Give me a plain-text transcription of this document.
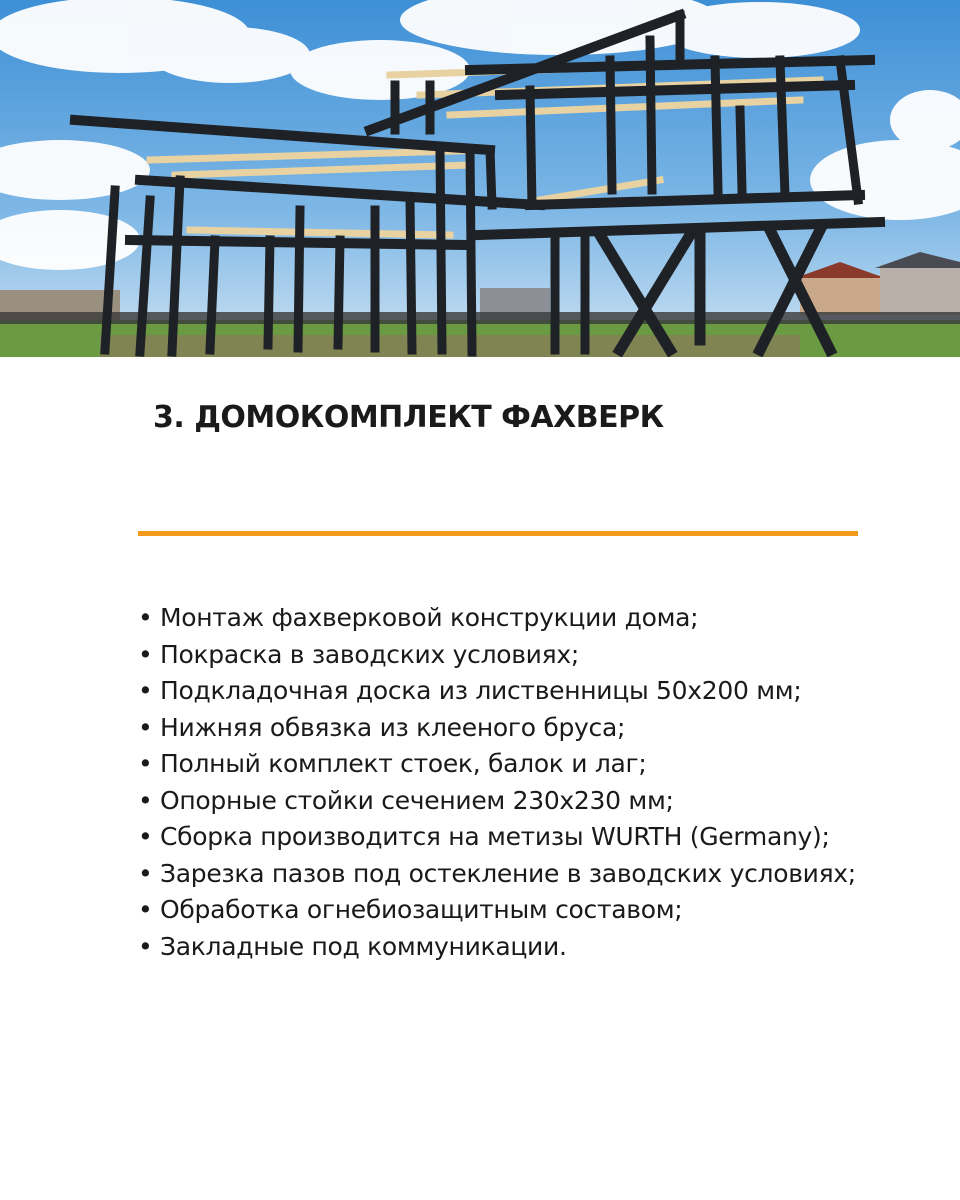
3. ДОМОКОМПЛЕКТ ФАХВЕРК
• Монтаж фахверковой конструкции дома;
• Покраска в заводских условиях;
• Подкладочная доска из лиственницы 50х200 мм;
• Нижняя обвязка из клееного бруса;
• Полный комплект стоек, балок и лаг;
• Опорные стойки сечением 230х230 мм;
• Сборка производится на метизы WURTH (Germany);
• Зарезка пазов под остекление в заводских условиях;
• Обработка огнебиозащитным составом;
• Закладные под коммуникации.
